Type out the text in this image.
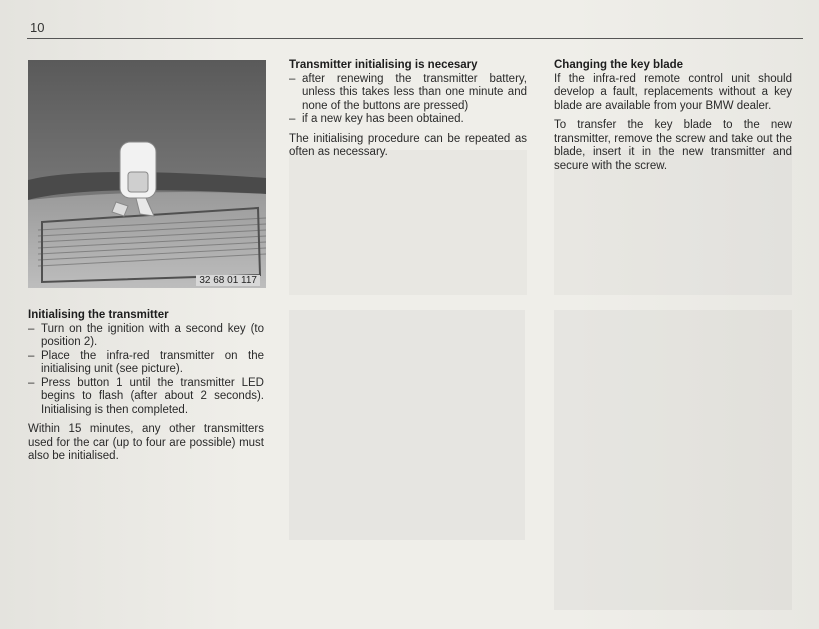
10
32 68 01 117
Initialising the transmitter
– Turn on the ignition with a second key (to position 2).
– Place the infra-red transmitter on the initialising unit (see picture).
– Press button 1 until the transmitter LED begins to flash (after about 2 seconds). Initialising is then completed.
Within 15 minutes, any other transmitters used for the car (up to four are possible) must also be initialised.
Transmitter initialising is necesary
– after renewing the transmitter battery, unless this takes less than one minute and none of the buttons are pressed)
– if a new key has been obtained.
The initialising procedure can be repeated as often as necessary.
Changing the key blade
If the infra-red remote control unit should develop a fault, replacements without a key blade are available from your BMW dealer.
To transfer the key blade to the new transmitter, remove the screw and take out the blade, insert it in the new transmitter and secure with the screw.
